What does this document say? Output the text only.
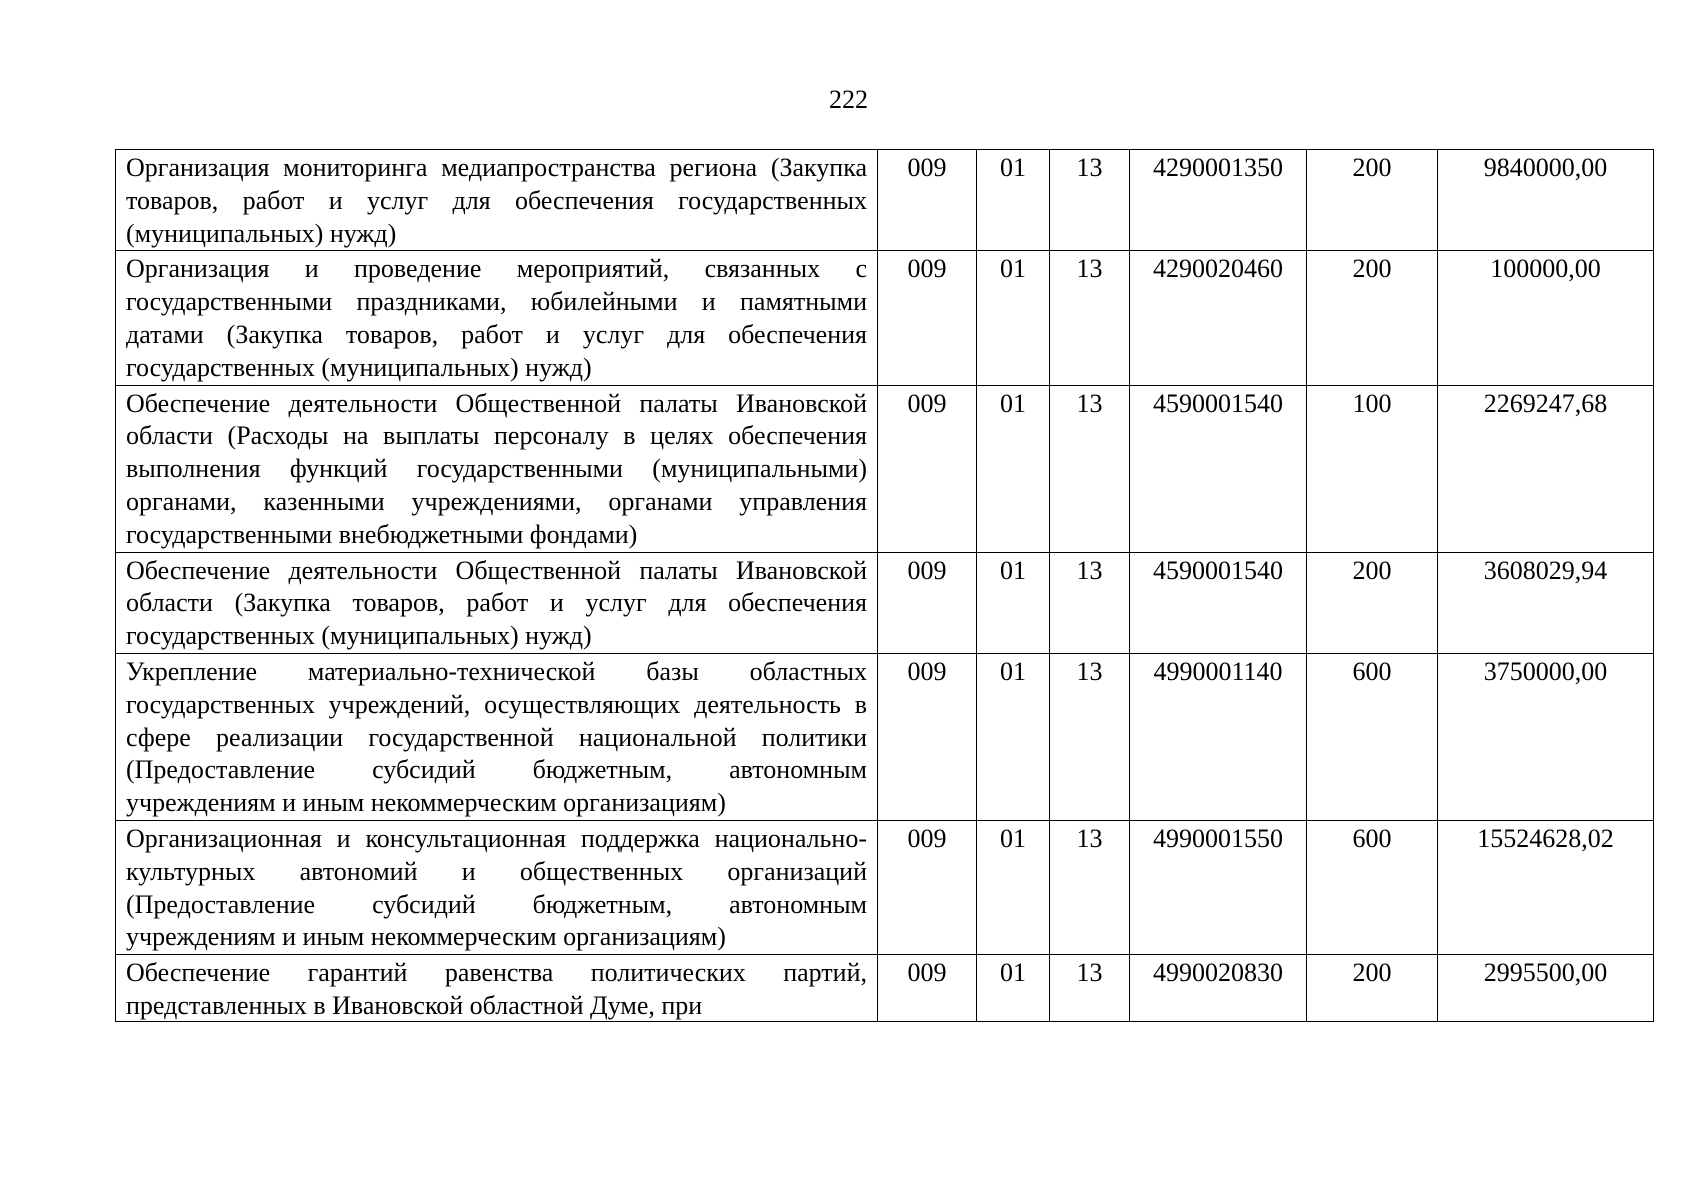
222
Организация мониторинга медиапространства региона (Закупка товаров, работ и услуг для обеспечения государственных (муниципальных) нужд)	009	01	13	4290001350	200	9840000,00
Организация и проведение мероприятий, связанных с государственными праздниками, юбилейными и памятными датами (Закупка товаров, работ и услуг для обеспечения государственных (муниципальных) нужд)	009	01	13	4290020460	200	100000,00
Обеспечение деятельности Общественной палаты Ивановской области (Расходы на выплаты персоналу в целях обеспечения выполнения функций государственными (муниципальными) органами, казенными учреждениями, органами управления государственными внебюджетными фондами)	009	01	13	4590001540	100	2269247,68
Обеспечение деятельности Общественной палаты Ивановской области (Закупка товаров, работ и услуг для обеспечения государственных (муниципальных) нужд)	009	01	13	4590001540	200	3608029,94
Укрепление материально-технической базы областных государственных учреждений, осуществляющих деятельность в сфере реализации государственной национальной политики (Предоставление субсидий бюджетным, автономным учреждениям и иным некоммерческим организациям)	009	01	13	4990001140	600	3750000,00
Организационная и консультационная поддержка национально-культурных автономий и общественных организаций (Предоставление субсидий бюджетным, автономным учреждениям и иным некоммерческим организациям)	009	01	13	4990001550	600	15524628,02

Обеспечение гарантий равенства политических партий, представленных в Ивановской областной Думе, при	009	01	13	4990020830	200	2995500,00
